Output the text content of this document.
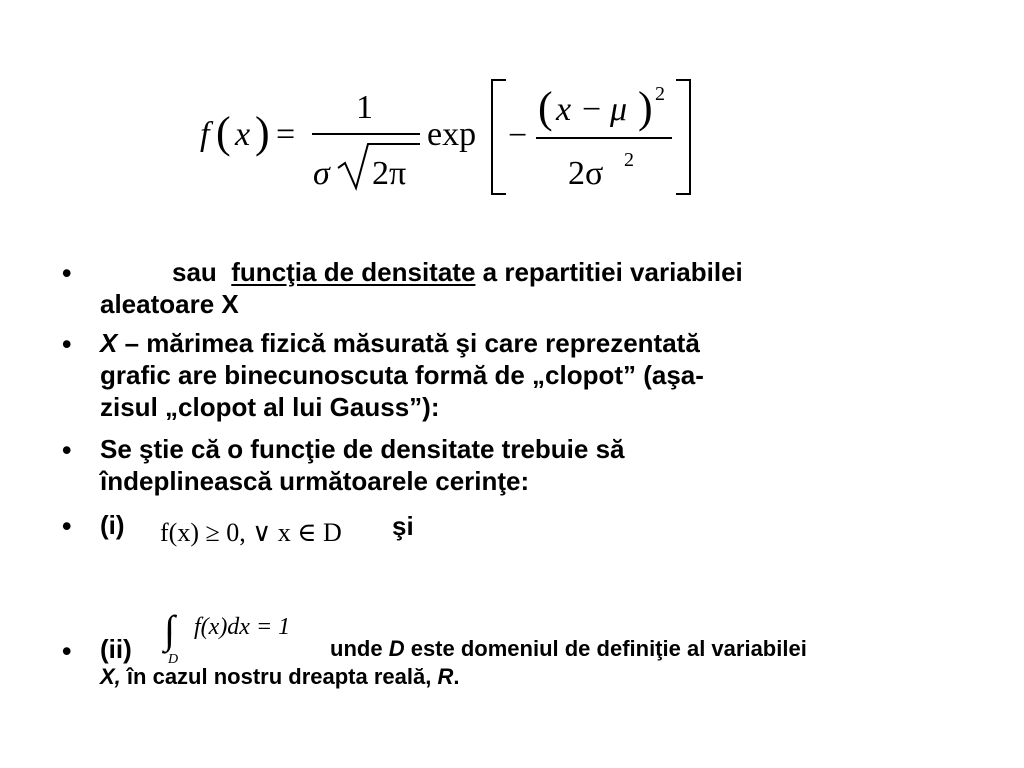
f ( x ) =
1
σ 2π
exp −
( x − μ ) 2
2σ 2
•	sau funcţia de densitate a repartitiei variabilei
aleatoare X
• X – mărimea fizică măsurată şi care reprezentată
grafic are binecunoscuta formă de „clopot” (aşa-
zisul „clopot al lui Gauss”):
• Se ştie că o funcţie de densitate trebuie să
îndeplinească următoarele cerinţe:
• (i) f(x) ≥ 0, ∨ x ∈ D şi
∫
D
f(x)dx = 1
• (ii)	unde D este domeniul de definiţie al variabilei
X, în cazul nostru dreapta reală, R.
